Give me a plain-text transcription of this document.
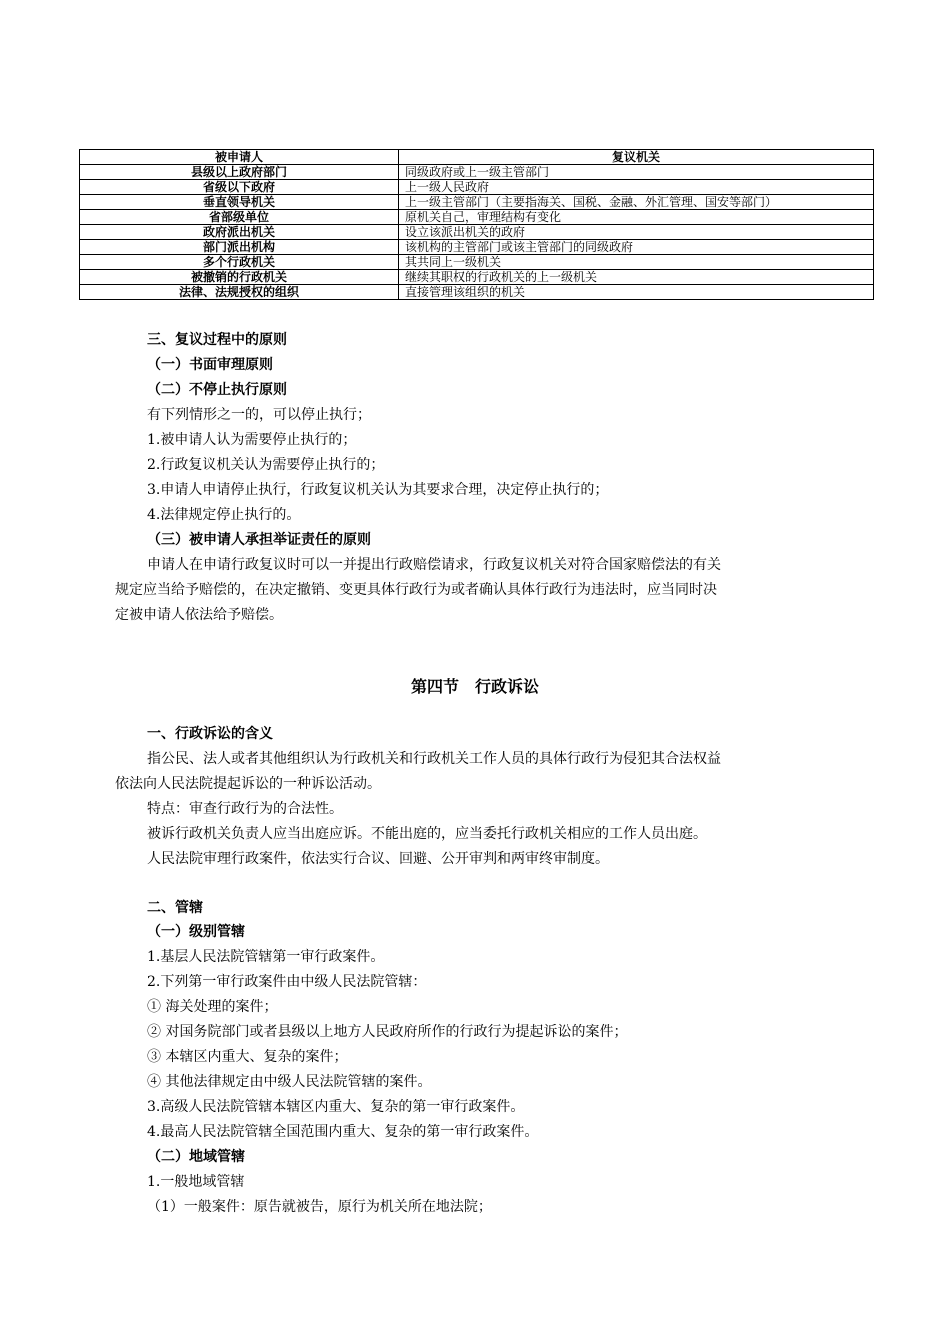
被申请人	复议机关
县级以上政府部门	同级政府或上一级主管部门
省级以下政府	上一级人民政府
垂直领导机关	上一级主管部门（主要指海关、国税、金融、外汇管理、国安等部门）
省部级单位	原机关自己，审理结构有变化
政府派出机关	设立该派出机关的政府
部门派出机构	该机构的主管部门或该主管部门的同级政府
多个行政机关	其共同上一级机关
被撤销的行政机关	继续其职权的行政机关的上一级机关
法律、法规授权的组织	直接管理该组织的机关
三、复议过程中的原则
（一）书面审理原则
（二）不停止执行原则
有下列情形之一的，可以停止执行；
1.被申请人认为需要停止执行的；
2.行政复议机关认为需要停止执行的；
3.申请人申请停止执行，行政复议机关认为其要求合理，决定停止执行的；
4.法律规定停止执行的。
（三）被申请人承担举证责任的原则
申请人在申请行政复议时可以一并提出行政赔偿请求，行政复议机关对符合国家赔偿法的有关
规定应当给予赔偿的，在决定撤销、变更具体行政行为或者确认具体行政行为违法时，应当同时决
定被申请人依法给予赔偿。
第四节　行政诉讼
一、行政诉讼的含义
指公民、法人或者其他组织认为行政机关和行政机关工作人员的具体行政行为侵犯其合法权益
依法向人民法院提起诉讼的一种诉讼活动。
特点：审查行政行为的合法性。
被诉行政机关负责人应当出庭应诉。不能出庭的，应当委托行政机关相应的工作人员出庭。
人民法院审理行政案件，依法实行合议、回避、公开审判和两审终审制度。
二、管辖
（一）级别管辖
1.基层人民法院管辖第一审行政案件。
2.下列第一审行政案件由中级人民法院管辖：
① 海关处理的案件；
② 对国务院部门或者县级以上地方人民政府所作的行政行为提起诉讼的案件；
③ 本辖区内重大、复杂的案件；
④ 其他法律规定由中级人民法院管辖的案件。
3.高级人民法院管辖本辖区内重大、复杂的第一审行政案件。
4.最高人民法院管辖全国范围内重大、复杂的第一审行政案件。
（二）地域管辖
1.一般地域管辖
（1）一般案件：原告就被告，原行为机关所在地法院；
